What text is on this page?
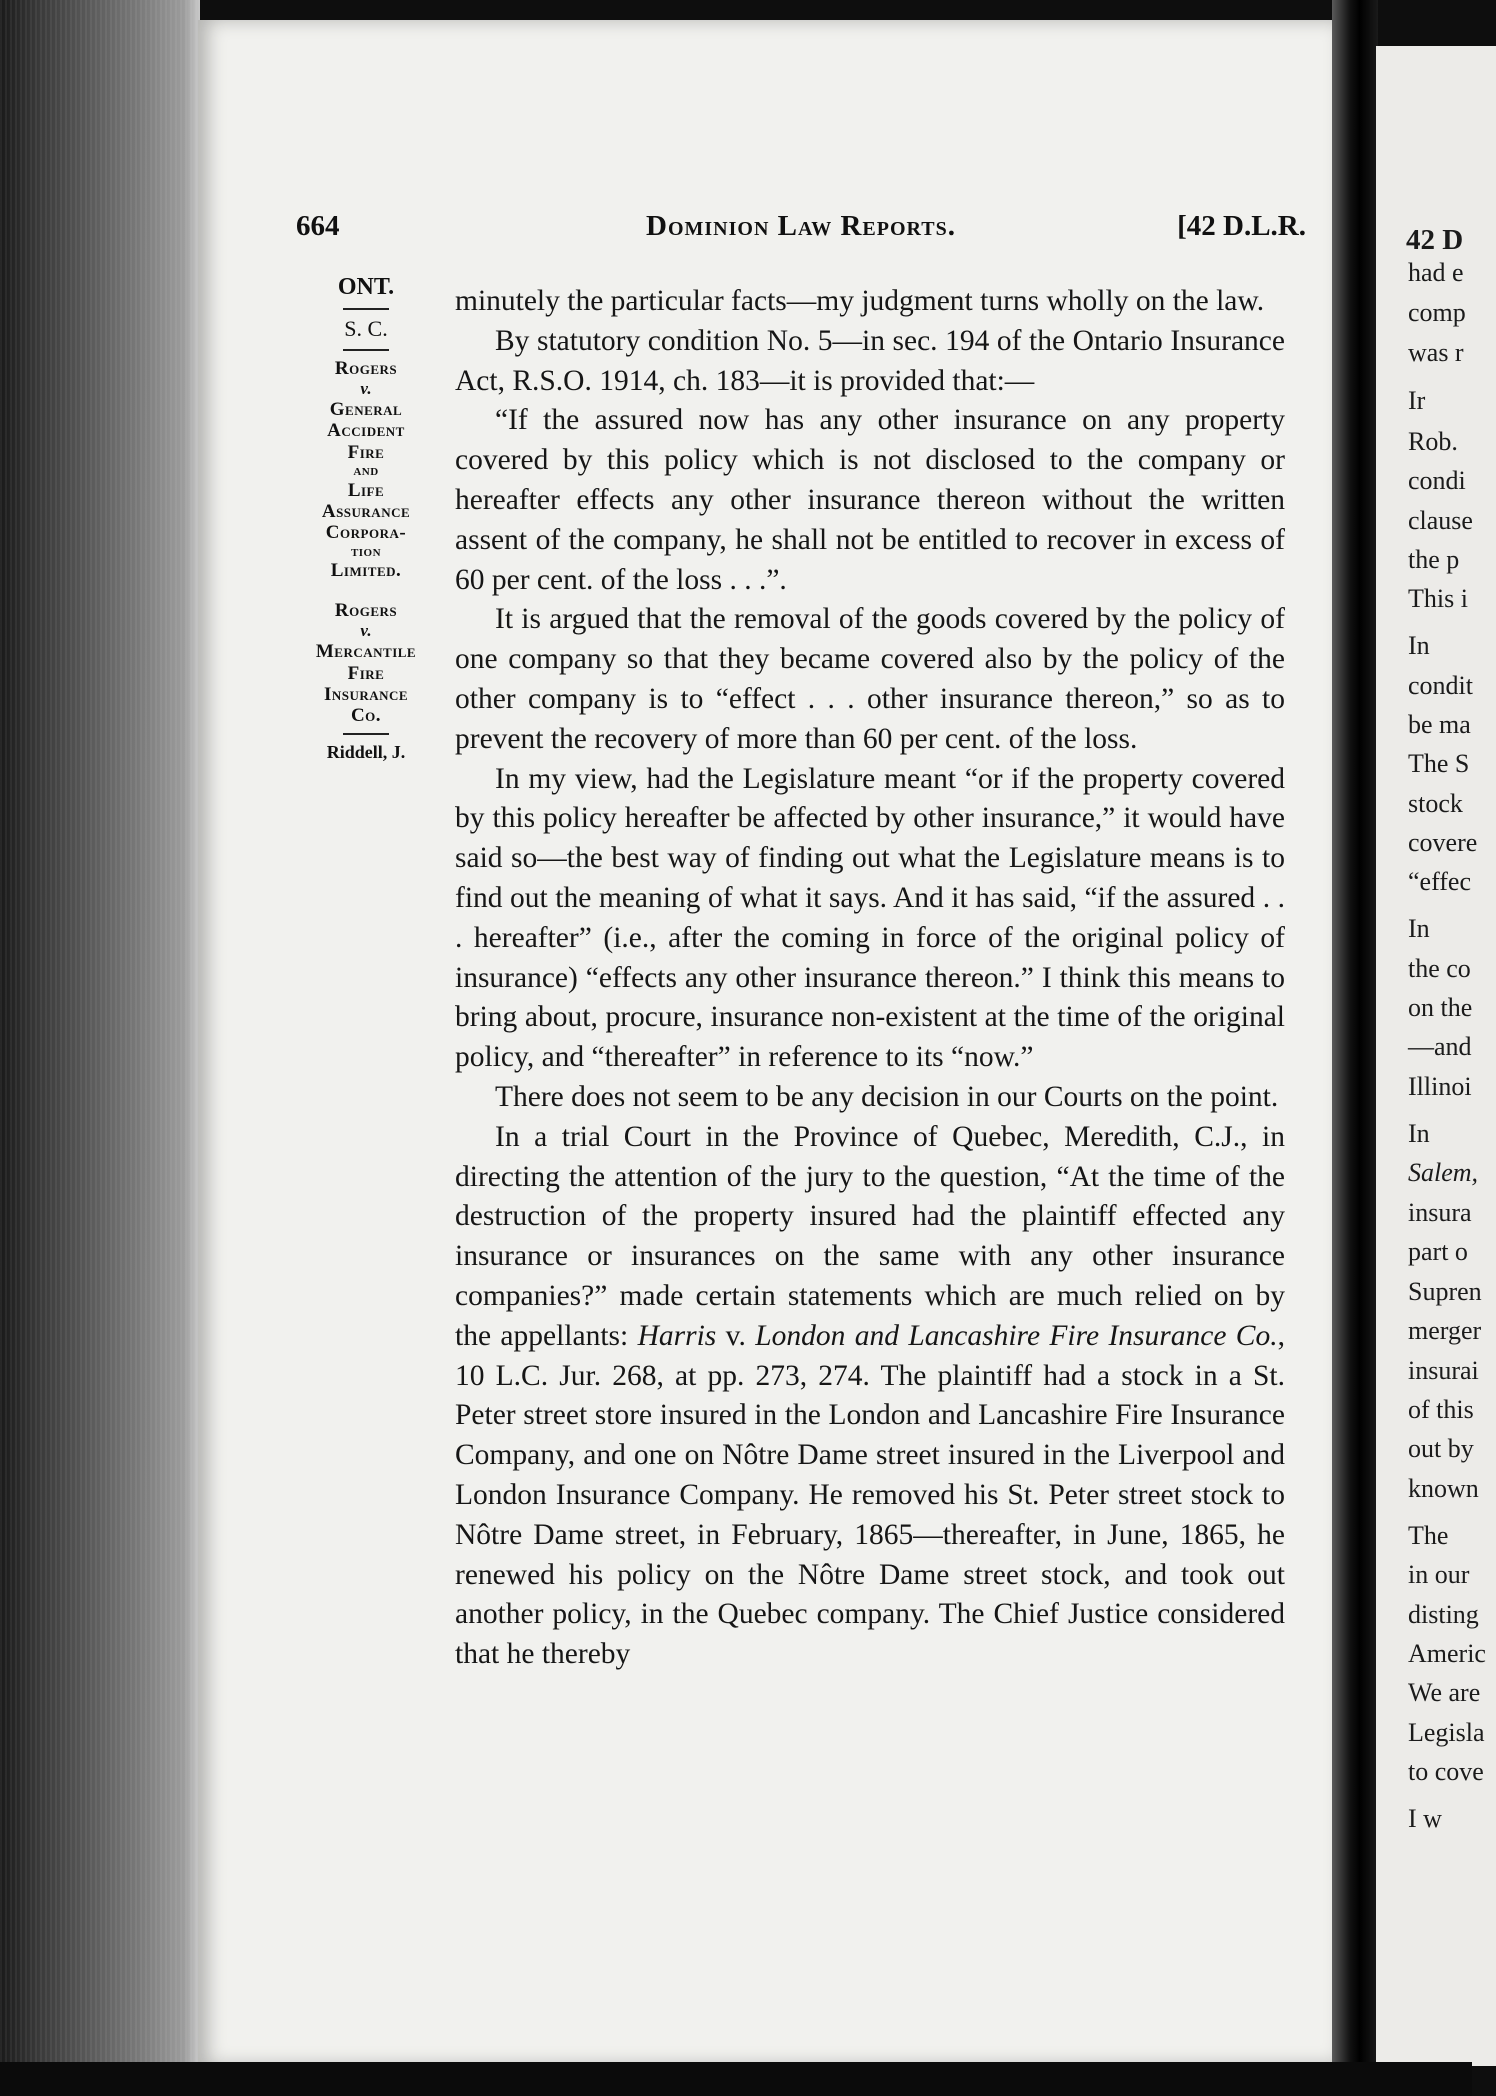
664	Dominion Law Reports.	[42 D.L.R.
ONT.
S. C.
Rogers
v.
General
Accident
Fire
and
Life
Assurance
Corpora-
tion
Limited.
Rogers
v.
Mercantile
Fire
Insurance
Co.
Riddell, J.

minutely the particular facts—my judgment turns wholly on the law.

By statutory condition No. 5—in sec. 194 of the Ontario Insurance Act, R.S.O. 1914, ch. 183—it is provided that:—

“If the assured now has any other insurance on any property covered by this policy which is not disclosed to the company or hereafter effects any other insurance thereon without the written assent of the company, he shall not be entitled to recover in excess of 60 per cent. of the loss . . .”.

It is argued that the removal of the goods covered by the policy of one company so that they became covered also by the policy of the other company is to “effect . . . other insurance thereon,” so as to prevent the recovery of more than 60 per cent. of the loss.

In my view, had the Legislature meant “or if the property covered by this policy hereafter be affected by other insurance,” it would have said so—the best way of finding out what the Legislature means is to find out the meaning of what it says. And it has said, “if the assured . . . hereafter” (i.e., after the coming in force of the original policy of insurance) “effects any other insurance thereon.” I think this means to bring about, procure, insurance non-existent at the time of the original policy, and “thereafter” in reference to its “now.”

There does not seem to be any decision in our Courts on the point.

In a trial Court in the Province of Quebec, Meredith, C.J., in directing the attention of the jury to the question, “At the time of the destruction of the property insured had the plaintiff effected any insurance or insurances on the same with any other insurance companies?” made certain statements which are much relied on by the appellants: Harris v. London and Lancashire Fire Insurance Co., 10 L.C. Jur. 268, at pp. 273, 274. The plaintiff had a stock in a St. Peter street store insured in the London and Lancashire Fire Insurance Company, and one on Nôtre Dame street insured in the Liverpool and London Insurance Company. He removed his St. Peter street stock to Nôtre Dame street, in February, 1865—thereafter, in June, 1865, he renewed his policy on the Nôtre Dame street stock, and took out another policy, in the Quebec company. The Chief Justice considered that he thereby

42 D
had e
comp
was r
Ir
Rob.
condi
clause
the p
This i
In
condit
be ma
The S
stock
covere
“effec
In
the co
on the
—and
Illinoi
In
Salem,
insura
part o
Supren
merger
insurai
of this
out by
known
The
in our
disting
Americ
We are
Legisla
to cove
I w
